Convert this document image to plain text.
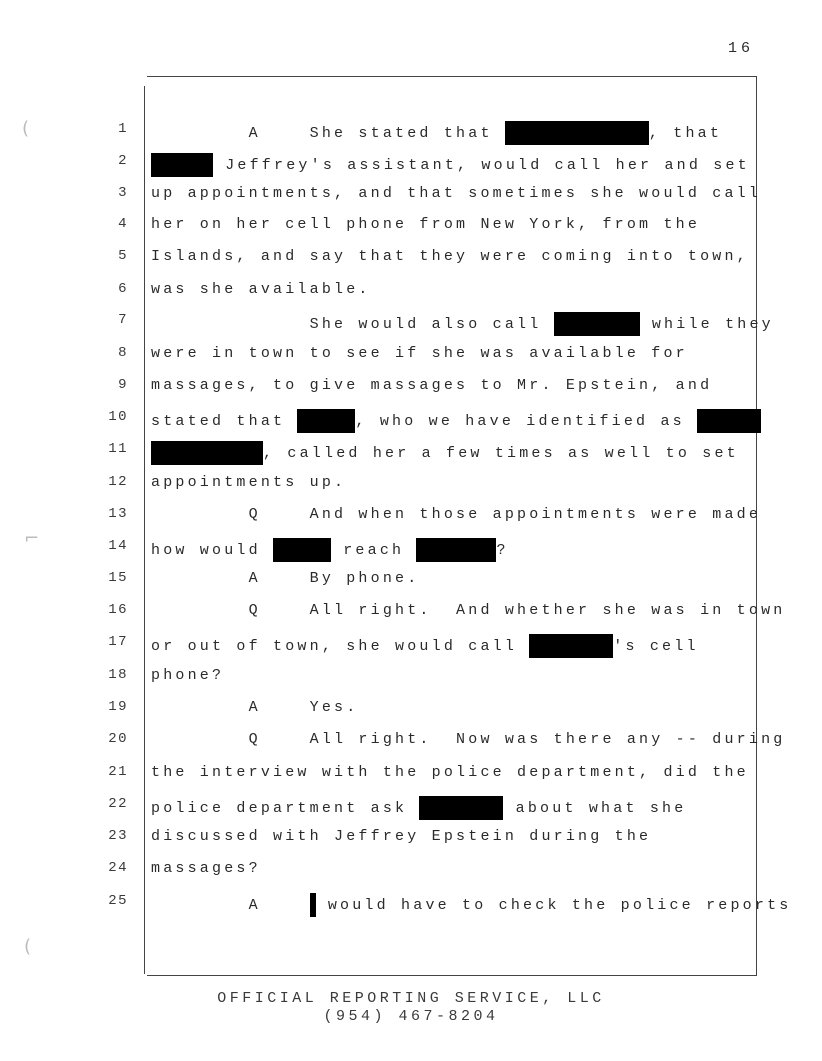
16
(
⌐
(
1 A    She stated that	, that
2	Jeffrey's assistant, would call her and set
3 up appointments, and that sometimes she would call
4 her on her cell phone from New York, from the
5 Islands, and say that they were coming into town,
6 was she available.
7 She would also call	while they
8 were in town to see if she was available for
9 massages, to give massages to Mr. Epstein, and
10 stated that	, who we have identified as
11	, called her a few times as well to set
12 appointments up.
13 Q    And when those appointments were made
14 how would	reach	?
15 A    By phone.
16 Q    All right.  And whether she was in town
17 or out of town, she would call	's cell
18 phone?
19 A    Yes.
20 Q    All right.  Now was there any -- during
21 the interview with the police department, did the
22 police department ask	about what she
23 discussed with Jeffrey Epstein during the
24 massages?
25 A     would have to check the police reports
OFFICIAL REPORTING SERVICE, LLC
(954) 467-8204
